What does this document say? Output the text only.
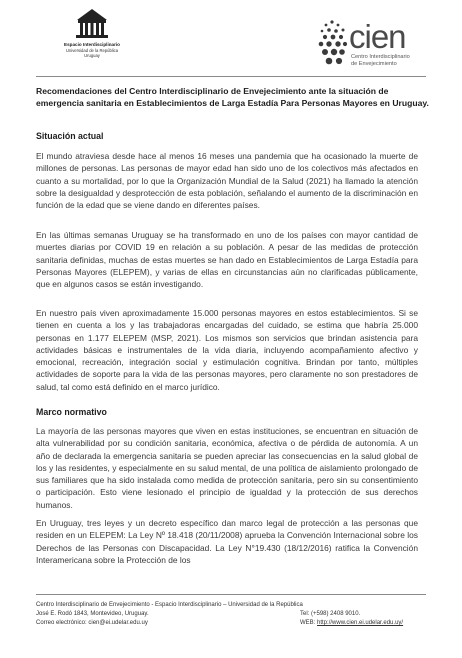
Espacio Interdisciplinario
Universidad de la República
Uruguay
cien
Centro Interdisciplinario
de Envejecimiento
Recomendaciones del Centro Interdisciplinario de Envejecimiento ante la situación de emergencia sanitaria en Establecimientos de Larga Estadía Para Personas Mayores en Uruguay.
Situación actual
El mundo atraviesa desde hace al menos 16 meses una pandemia que ha ocasionado la muerte de millones de personas. Las personas de mayor edad han sido uno de los colectivos más afectados en cuanto a su mortalidad, por lo que la Organización Mundial de la Salud (2021) ha llamado la atención sobre la desigualdad y desprotección de esta población, señalando el aumento de la discriminación en función de la edad que se viene dando en diferentes países.
En las últimas semanas Uruguay se ha transformado en uno de los países con mayor cantidad de muertes diarias por COVID 19 en relación a su población. A pesar de las medidas de protección sanitaria definidas, muchas de estas muertes se han dado en Establecimientos de Larga Estadía para Personas Mayores (ELEPEM), y varias de ellas en circunstancias aún no clarificadas públicamente, que en algunos casos se están investigando.
En nuestro país viven aproximadamente 15.000 personas mayores en estos establecimientos. Si se tienen en cuenta a los y las trabajadoras encargadas del cuidado, se estima que habría 25.000 personas en 1.177 ELEPEM (MSP, 2021). Los mismos son servicios que brindan asistencia para actividades básicas e instrumentales de la vida diaria, incluyendo acompañamiento afectivo y emocional, recreación, integración social y estimulación cognitiva. Brindan por tanto, múltiples actividades de soporte para la vida de las personas mayores, pero claramente no son prestadores de salud, tal como está definido en el marco jurídico.
Marco normativo
La mayoría de las personas mayores que viven en estas instituciones, se encuentran en situación de alta vulnerabilidad por su condición sanitaria, económica, afectiva o de pérdida de autonomía. A un año de declarada la emergencia sanitaria se pueden apreciar las consecuencias en la salud global de los y las residentes, y especialmente en su salud mental, de una política de aislamiento prolongado de sus familiares que ha sido instalada como medida de protección sanitaria, pero sin su consentimiento o participación. Esto viene lesionado el principio de igualdad y la protección de sus derechos humanos.
En Uruguay, tres leyes y un decreto específico dan marco legal de protección a las personas que residen en un ELEPEM: La Ley Nº 18.418 (20/11/2008) aprueba la Convención Internacional sobre los Derechos de las Personas con Discapacidad. La Ley N°19.430 (18/12/2016) ratifica la Convención Interamericana sobre la Protección de los
Centro Interdisciplinario de Envejecimiento - Espacio Interdisciplinario – Universidad de la República
José E. Rodó 1843, Montevideo, Uruguay.	Tel: (+598) 2408 9010.
Correo electrónico: cien@ei.udelar.edu.uy	WEB: http://www.cien.ei.udelar.edu.uy/
